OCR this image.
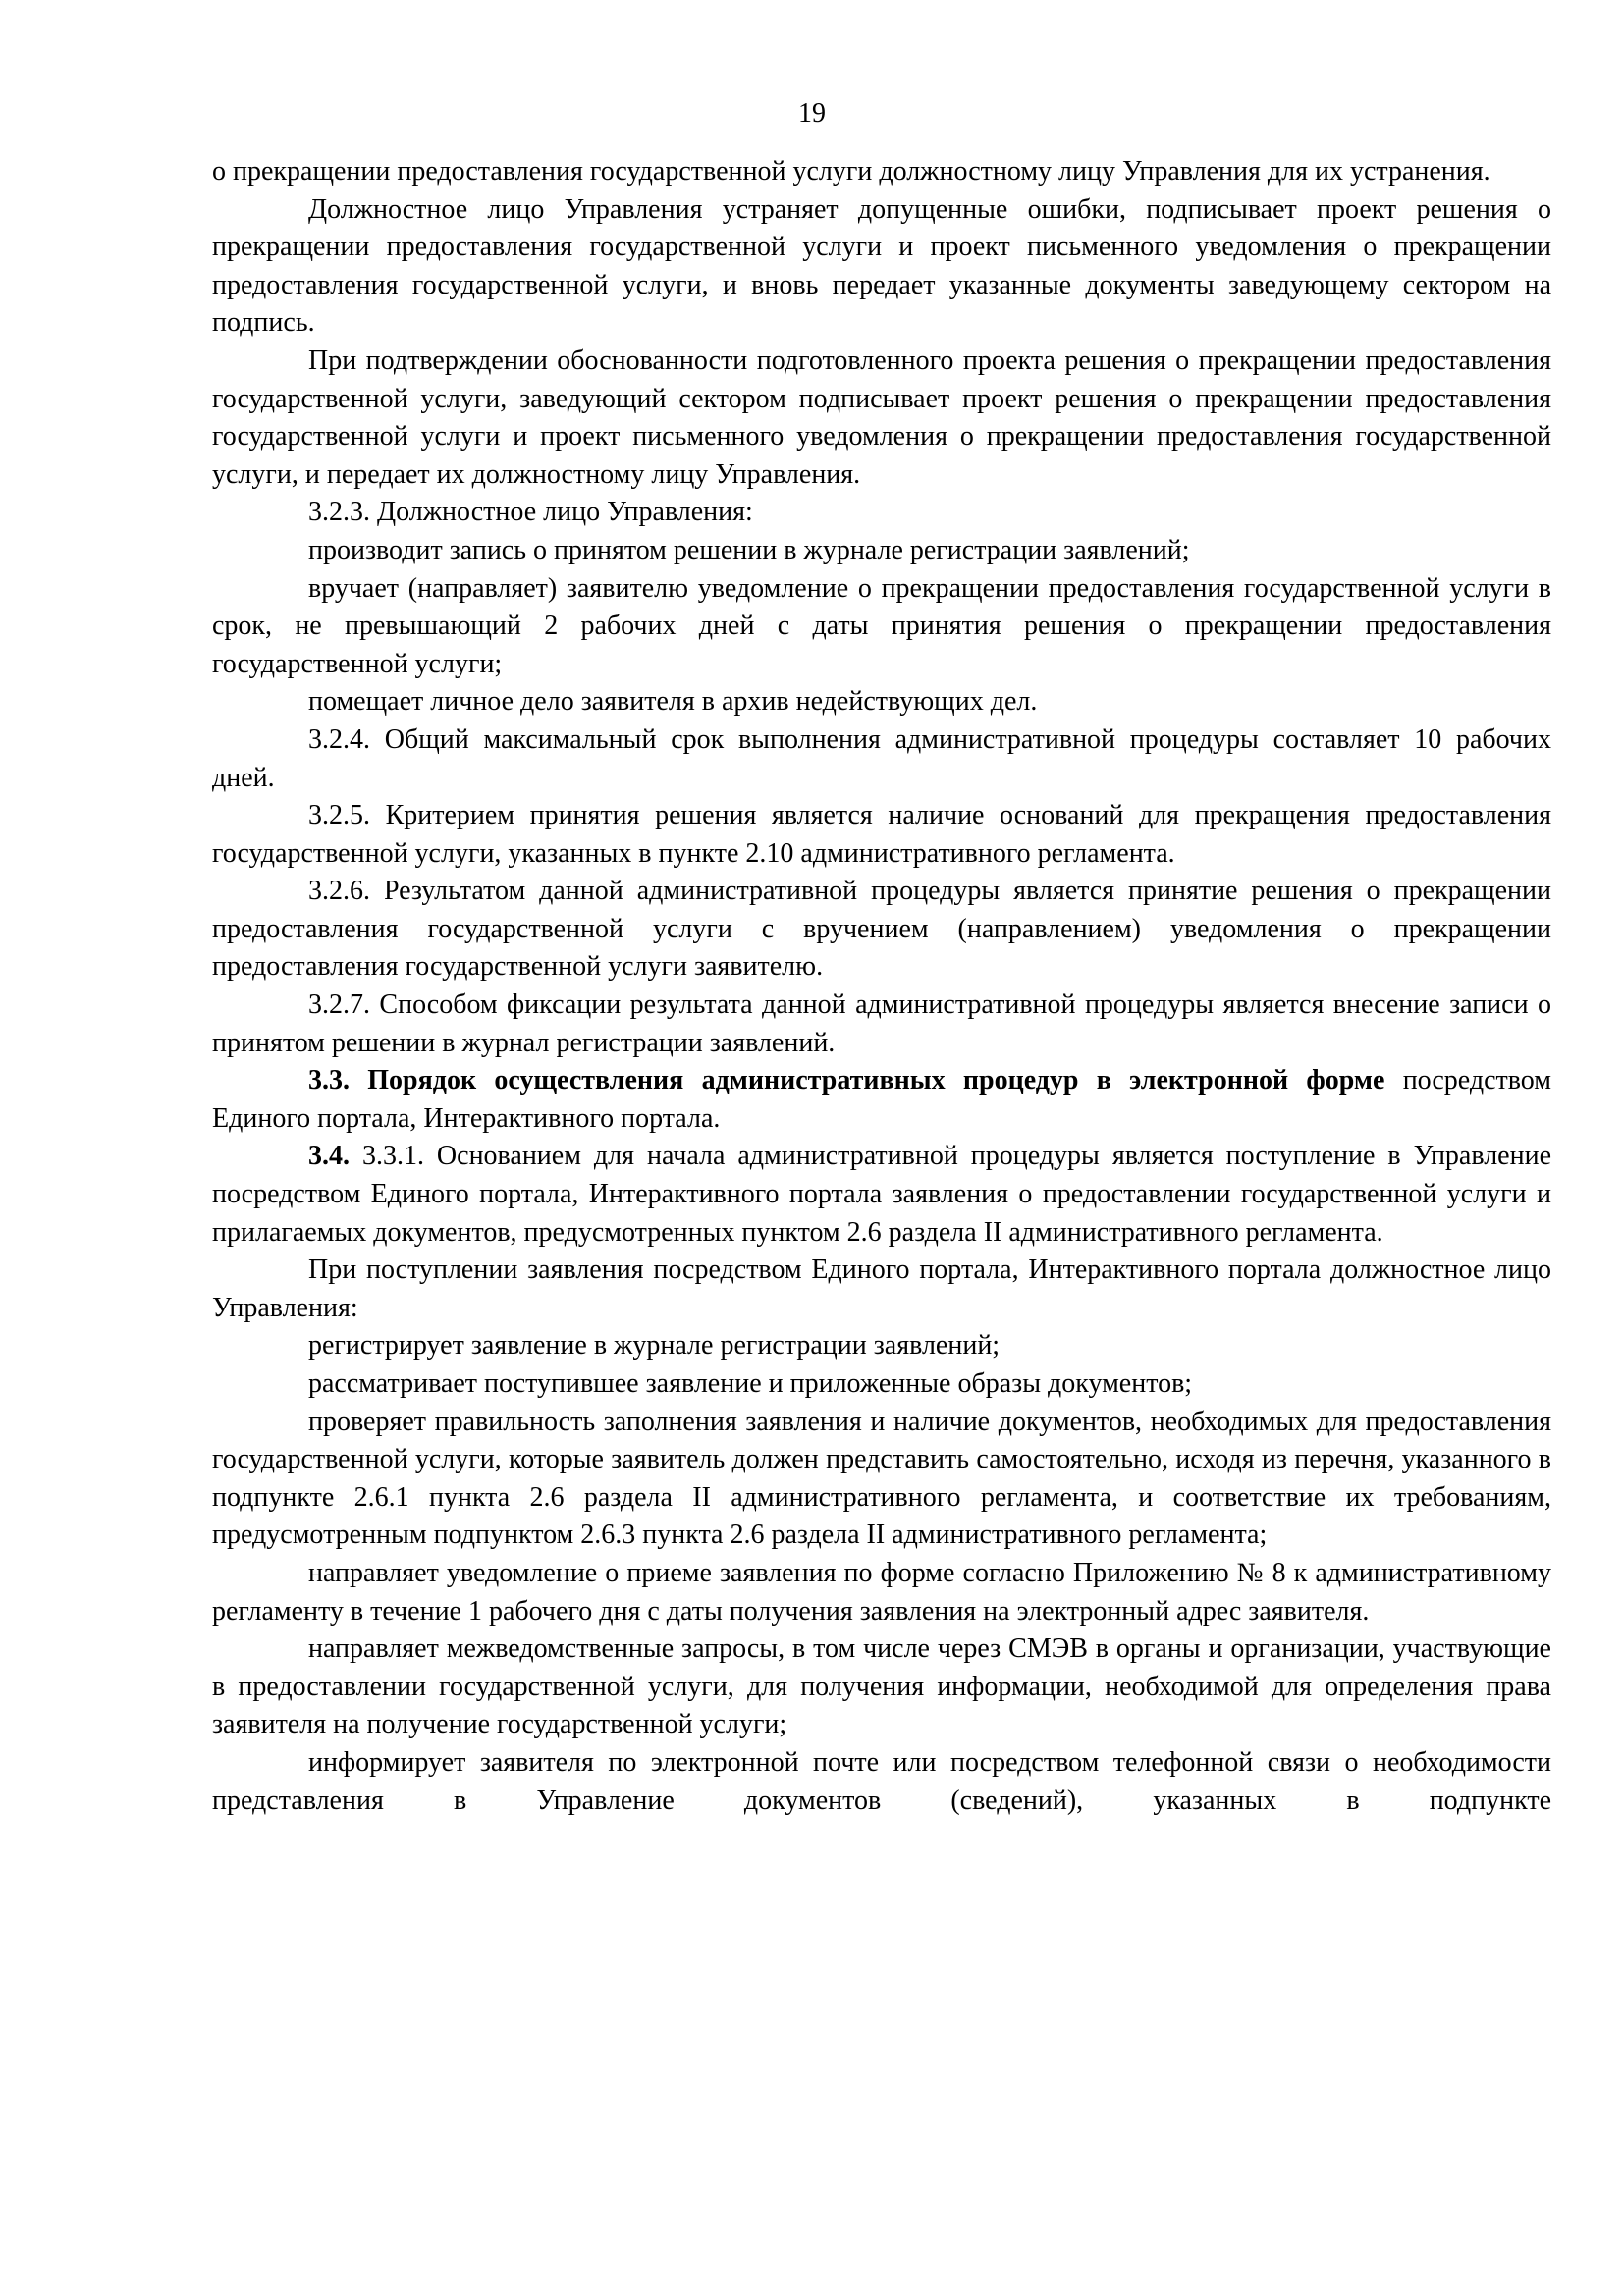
19

о прекращении предоставления государственной услуги должностному лицу Управления для их устранения.

Должностное лицо Управления устраняет допущенные ошибки, подписывает проект решения о прекращении предоставления государственной услуги и проект письменного уведомления о прекращении предоставления государственной услуги, и вновь передает указанные документы заведующему сектором на подпись.

При подтверждении обоснованности подготовленного проекта решения о прекращении предоставления государственной услуги, заведующий сектором подписывает проект решения о прекращении предоставления государственной услуги и проект письменного уведомления о прекращении предоставления государственной услуги, и передает их должностному лицу Управления.

3.2.3. Должностное лицо Управления:

производит запись о принятом решении в журнале регистрации заявлений;

вручает (направляет) заявителю уведомление о прекращении предоставления государственной услуги в срок, не превышающий 2 рабочих дней с даты принятия решения о прекращении предоставления государственной услуги;

помещает личное дело заявителя в архив недействующих дел.

3.2.4. Общий максимальный срок выполнения административной процедуры составляет 10 рабочих дней.

3.2.5. Критерием принятия решения является наличие оснований для прекращения предоставления государственной услуги, указанных в пункте 2.10 административного регламента.

3.2.6. Результатом данной административной процедуры является принятие решения о прекращении предоставления государственной услуги с вручением (направлением) уведомления о прекращении предоставления государственной услуги заявителю.

3.2.7. Способом фиксации результата данной административной процедуры является внесение записи о принятом решении в журнал регистрации заявлений.

3.3. Порядок осуществления административных процедур в электронной форме посредством Единого портала, Интерактивного портала.

3.4. 3.3.1. Основанием для начала административной процедуры является поступление в Управление посредством Единого портала, Интерактивного портала заявления о предоставлении государственной услуги и прилагаемых документов, предусмотренных пунктом 2.6 раздела II административного регламента.

При поступлении заявления посредством Единого портала, Интерактивного портала должностное лицо Управления:

регистрирует заявление в журнале регистрации заявлений;

рассматривает поступившее заявление и приложенные образы документов;

проверяет правильность заполнения заявления и наличие документов, необходимых для предоставления государственной услуги, которые заявитель должен представить самостоятельно, исходя из перечня, указанного в подпункте 2.6.1 пункта 2.6 раздела II административного регламента, и соответствие их требованиям, предусмотренным подпунктом 2.6.3 пункта 2.6 раздела II административного регламента;

направляет уведомление о приеме заявления по форме согласно Приложению № 8 к административному регламенту в течение 1 рабочего дня с даты получения заявления на электронный адрес заявителя.

направляет межведомственные запросы, в том числе через СМЭВ в органы и организации, участвующие в предоставлении государственной услуги, для получения информации, необходимой для определения права заявителя на получение государственной услуги;

информирует заявителя по электронной почте или посредством телефонной связи о необходимости представления в Управление документов (сведений), указанных в подпункте
